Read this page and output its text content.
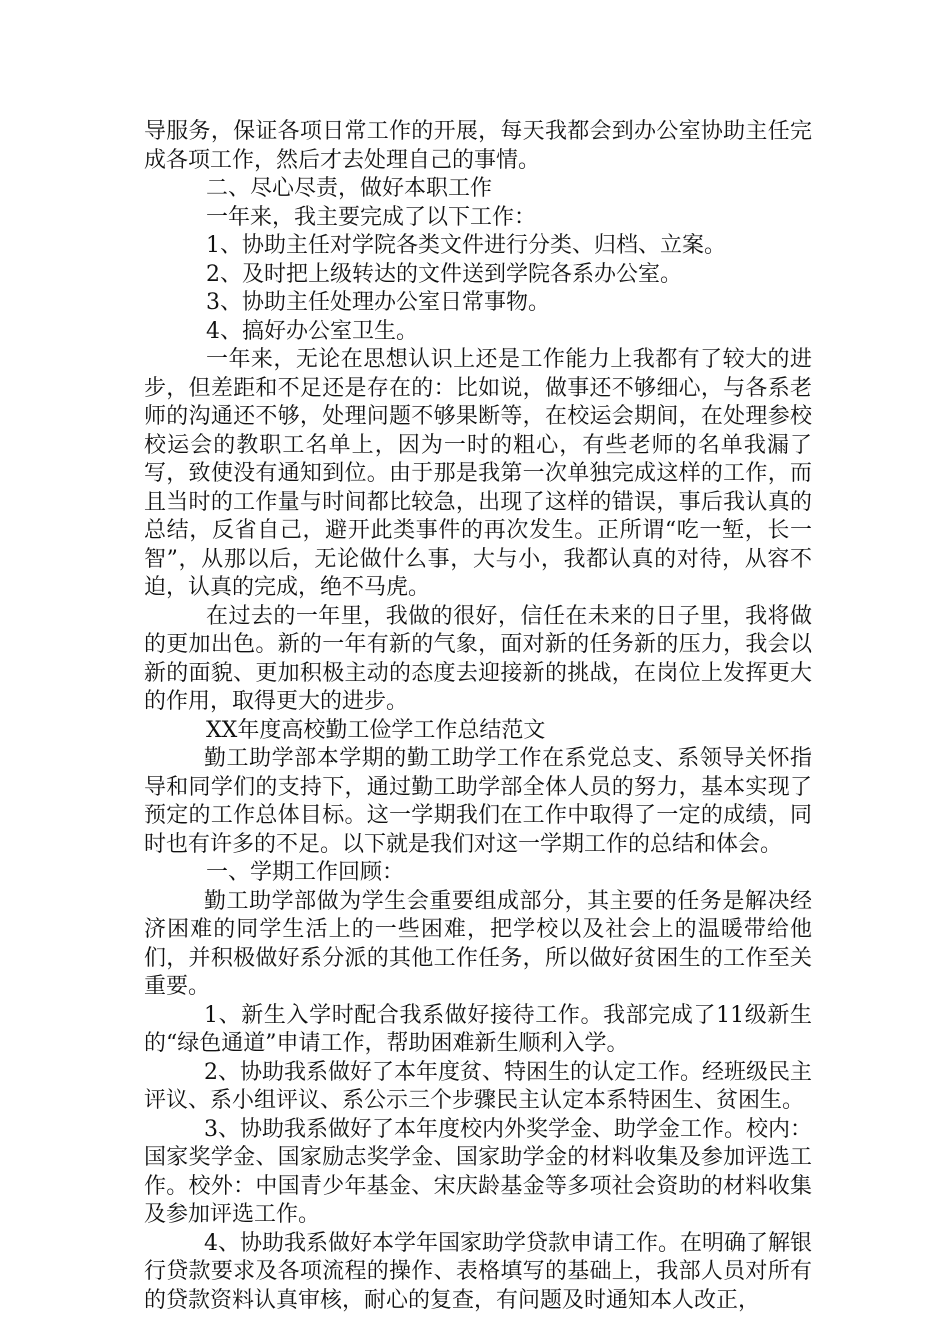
导服务，保证各项日常工作的开展，每天我都会到办公室协助主任完成各项工作，然后才去处理自己的事情。

二、尽心尽责，做好本职工作

一年来，我主要完成了以下工作：

1、协助主任对学院各类文件进行分类、归档、立案。

2、及时把上级转达的文件送到学院各系办公室。

3、协助主任处理办公室日常事物。

4、搞好办公室卫生。

一年来，无论在思想认识上还是工作能力上我都有了较大的进步，但差距和不足还是存在的：比如说，做事还不够细心，与各系老师的沟通还不够，处理问题不够果断等，在校运会期间，在处理参校校运会的教职工名单上，因为一时的粗心，有些老师的名单我漏了写，致使没有通知到位。由于那是我第一次单独完成这样的工作，而且当时的工作量与时间都比较急，出现了这样的错误，事后我认真的总结，反省自己，避开此类事件的再次发生。正所谓“吃一堑，长一智”，从那以后，无论做什么事，大与小，我都认真的对待，从容不迫，认真的完成，绝不马虎。

在过去的一年里，我做的很好，信任在未来的日子里，我将做的更加出色。新的一年有新的气象，面对新的任务新的压力，我会以新的面貌、更加积极主动的态度去迎接新的挑战，在岗位上发挥更大的作用，取得更大的进步。

XX年度高校勤工俭学工作总结范文

勤工助学部本学期的勤工助学工作在系党总支、系领导关怀指导和同学们的支持下，通过勤工助学部全体人员的努力，基本实现了预定的工作总体目标。这一学期我们在工作中取得了一定的成绩，同时也有许多的不足。以下就是我们对这一学期工作的总结和体会。

一、学期工作回顾：

勤工助学部做为学生会重要组成部分，其主要的任务是解决经济困难的同学生活上的一些困难，把学校以及社会上的温暖带给他们，并积极做好系分派的其他工作任务，所以做好贫困生的工作至关重要。

1、新生入学时配合我系做好接待工作。我部完成了11级新生的“绿色通道”申请工作，帮助困难新生顺利入学。

2、协助我系做好了本年度贫、特困生的认定工作。经班级民主评议、系小组评议、系公示三个步骤民主认定本系特困生、贫困生。

3、协助我系做好了本年度校内外奖学金、助学金工作。校内：国家奖学金、国家励志奖学金、国家助学金的材料收集及参加评选工作。校外：中国青少年基金、宋庆龄基金等多项社会资助的材料收集及参加评选工作。

4、协助我系做好本学年国家助学贷款申请工作。在明确了解银行贷款要求及各项流程的操作、表格填写的基础上，我部人员对所有的贷款资料认真审核，耐心的复查，有问题及时通知本人改正，
